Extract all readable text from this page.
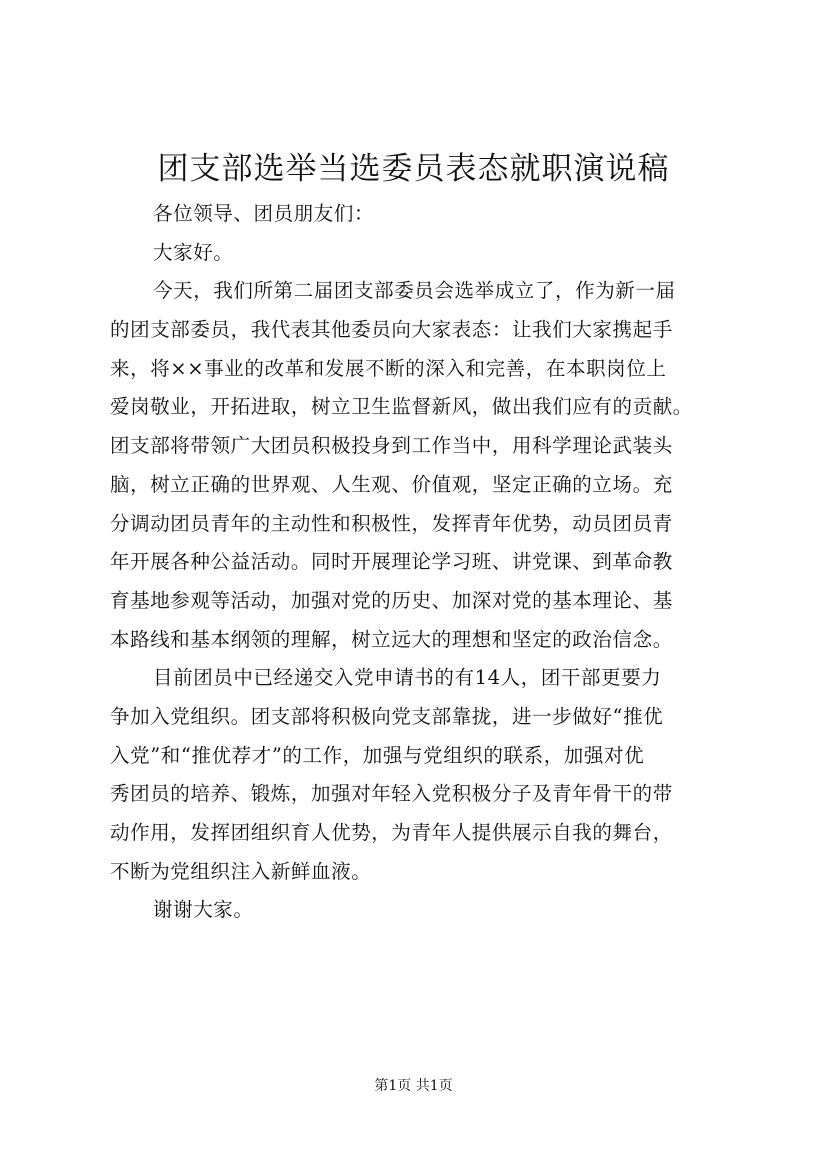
团支部选举当选委员表态就职演说稿
各位领导、团员朋友们：
大家好。
今天，我们所第二届团支部委员会选举成立了，作为新一届
的团支部委员，我代表其他委员向大家表态：让我们大家携起手
来，将××事业的改革和发展不断的深入和完善，在本职岗位上
爱岗敬业，开拓进取，树立卫生监督新风，做出我们应有的贡献。
团支部将带领广大团员积极投身到工作当中，用科学理论武装头
脑，树立正确的世界观、人生观、价值观，坚定正确的立场。充
分调动团员青年的主动性和积极性，发挥青年优势，动员团员青
年开展各种公益活动。同时开展理论学习班、讲党课、到革命教
育基地参观等活动，加强对党的历史、加深对党的基本理论、基
本路线和基本纲领的理解，树立远大的理想和坚定的政治信念。
目前团员中已经递交入党申请书的有14人，团干部更要力
争加入党组织。团支部将积极向党支部靠拢，进一步做好“推优
入党”和“推优荐才”的工作，加强与党组织的联系，加强对优
秀团员的培养、锻炼，加强对年轻入党积极分子及青年骨干的带
动作用，发挥团组织育人优势，为青年人提供展示自我的舞台，
不断为党组织注入新鲜血液。
谢谢大家。
第1页 共1页
